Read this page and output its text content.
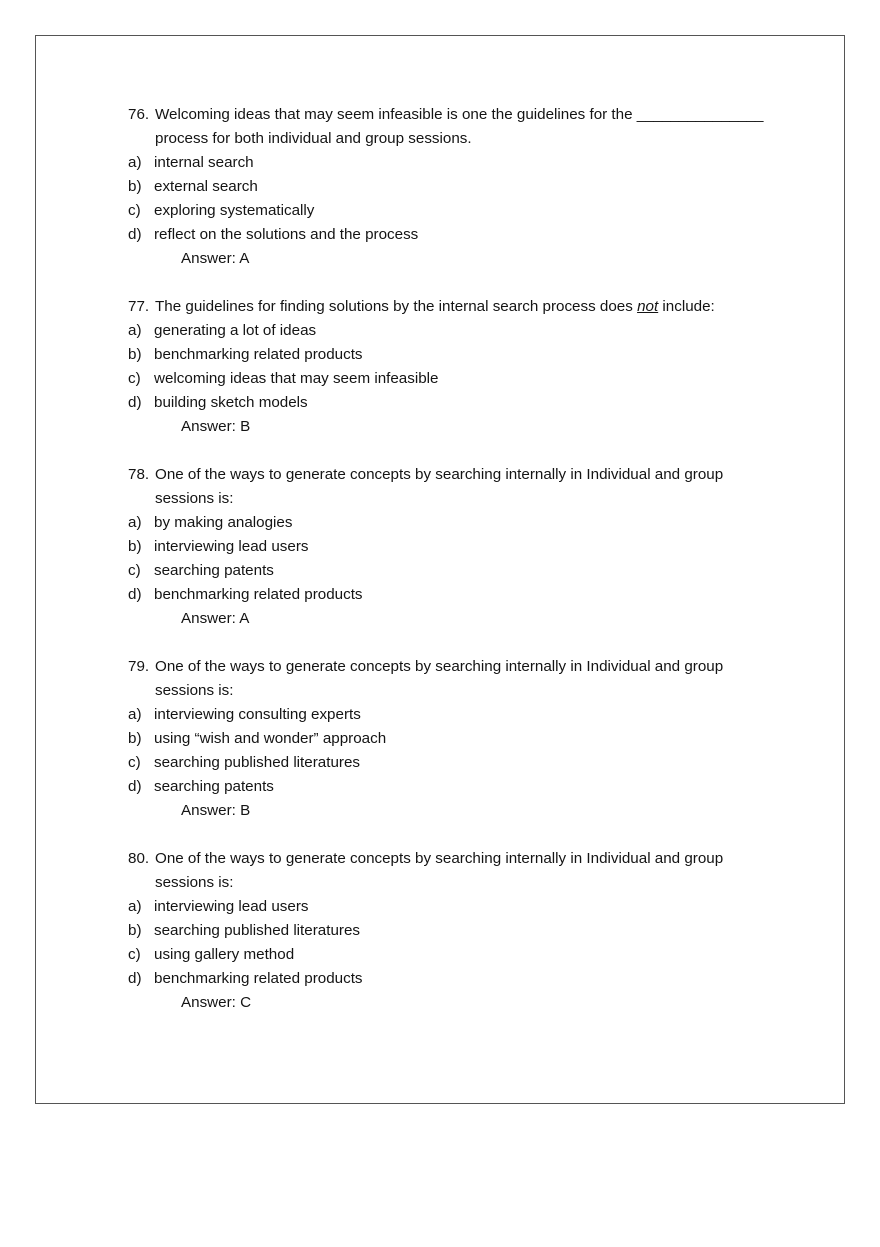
76. Welcoming ideas that may seem infeasible is one the guidelines for the _______________ process for both individual and group sessions.
a) internal search
b) external search
c) exploring systematically
d) reflect on the solutions and the process
Answer: A
77. The guidelines for finding solutions by the internal search process does not include:
a) generating a lot of ideas
b) benchmarking related products
c) welcoming ideas that may seem infeasible
d) building sketch models
Answer: B
78. One of the ways to generate concepts by searching internally in Individual and group sessions is:
a) by making analogies
b) interviewing lead users
c) searching patents
d) benchmarking related products
Answer: A
79. One of the ways to generate concepts by searching internally in Individual and group sessions is:
a) interviewing consulting experts
b) using “wish and wonder” approach
c) searching published literatures
d) searching patents
Answer: B
80. One of the ways to generate concepts by searching internally in Individual and group sessions is:
a) interviewing lead users
b) searching published literatures
c) using gallery method
d) benchmarking related products
Answer: C
